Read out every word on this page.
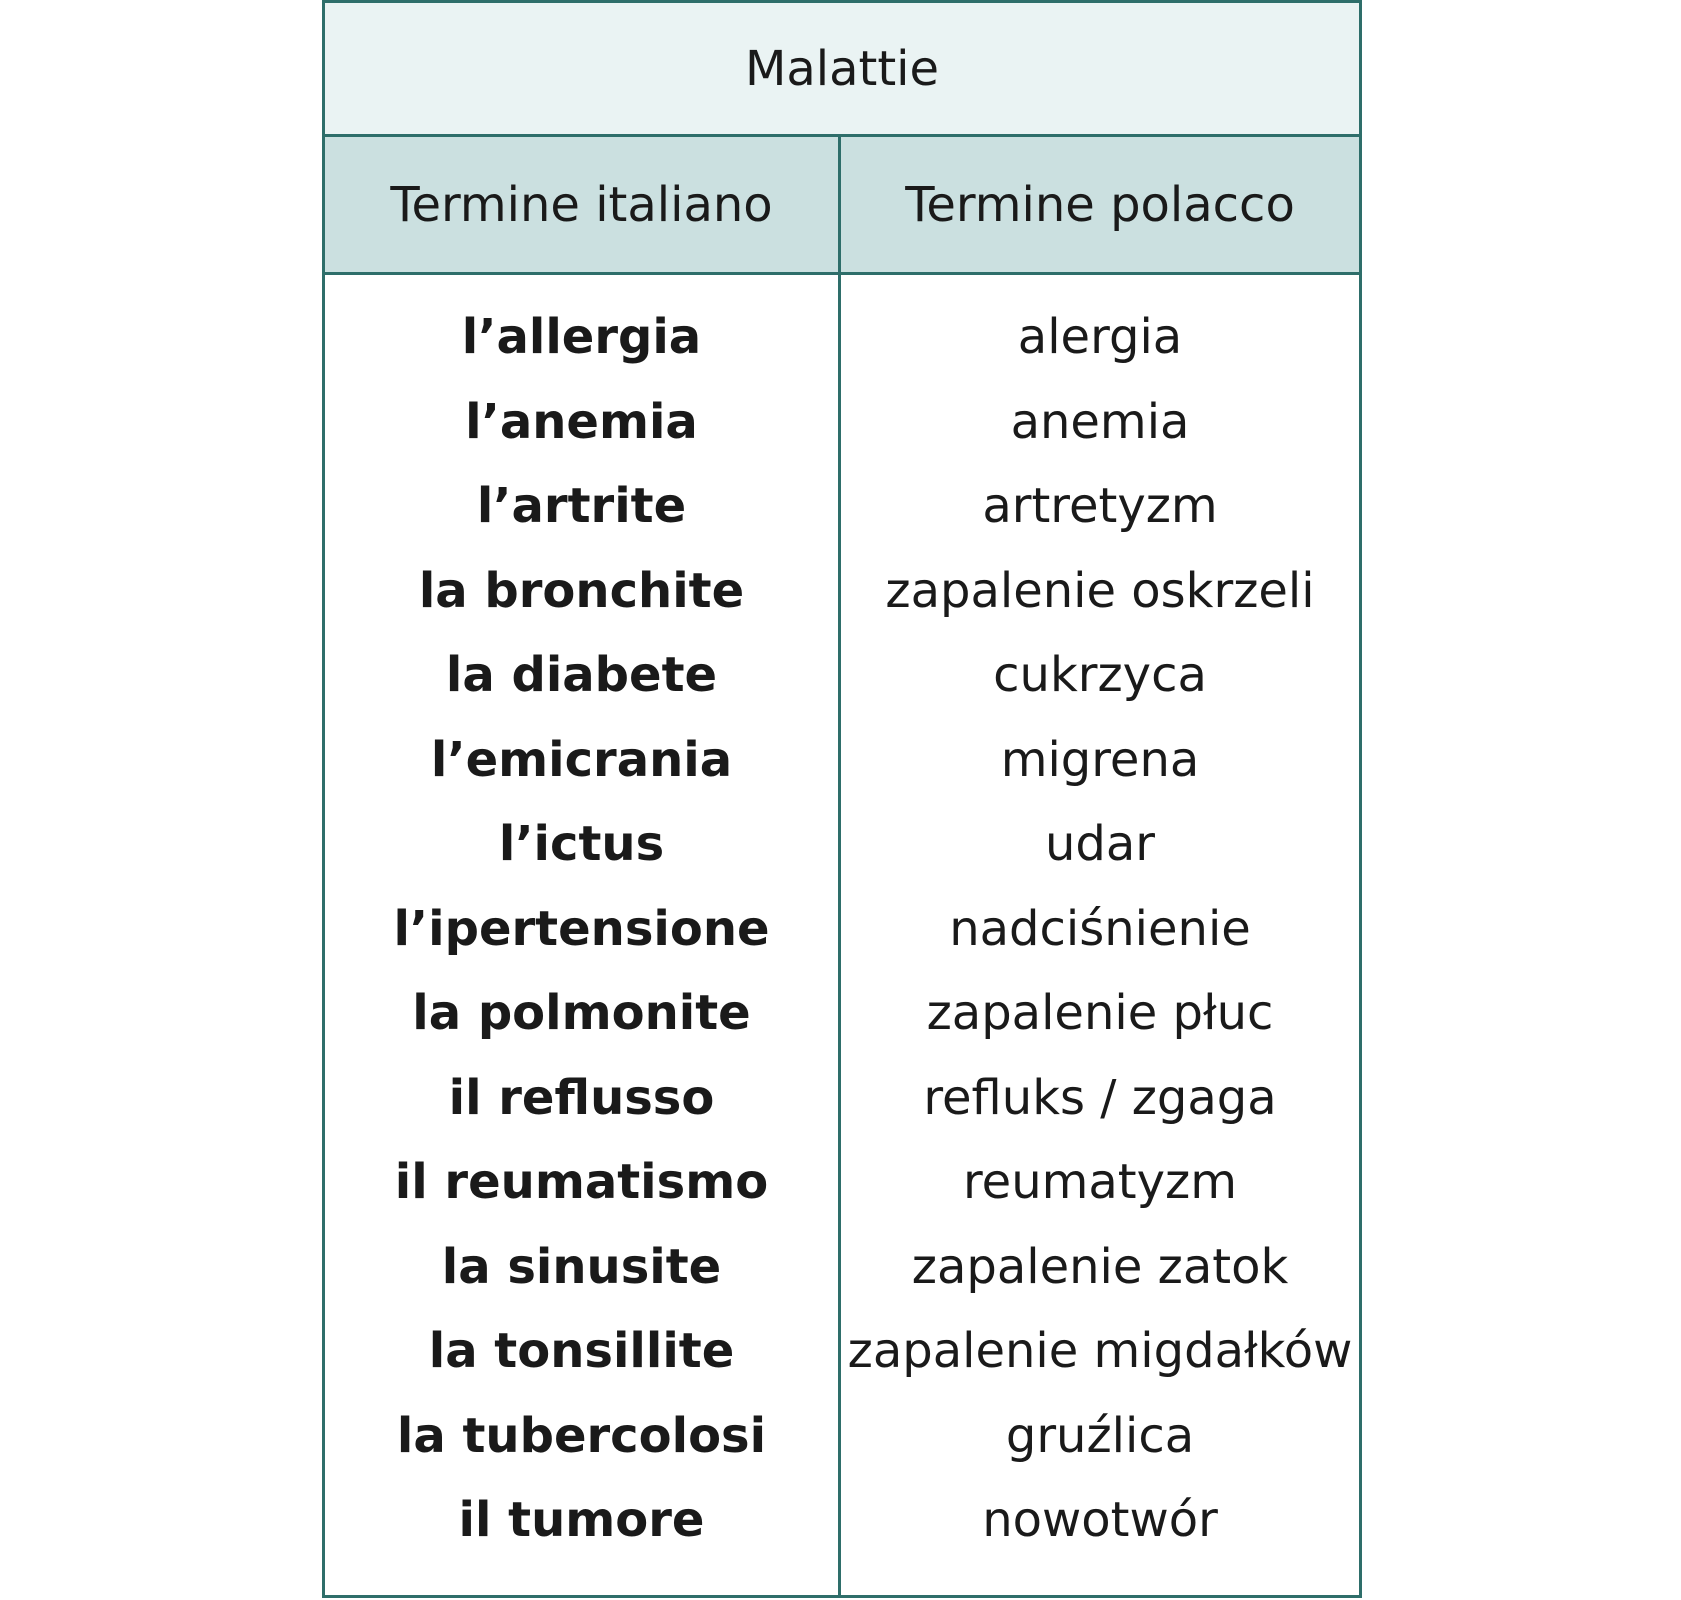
Malattie
Termine italiano	Termine polacco
l’allergia
l’anemia
l’artrite
la bronchite
la diabete
l’emicrania
l’ictus
l’ipertensione
la polmonite
il reflusso
il reumatismo
la sinusite
la tonsillite
la tubercolosi
il tumore
alergia
anemia
artretyzm
zapalenie oskrzeli
cukrzyca
migrena
udar
nadciśnienie
zapalenie płuc
refluks / zgaga
reumatyzm
zapalenie zatok
zapalenie migdałków
gruźlica
nowotwór
